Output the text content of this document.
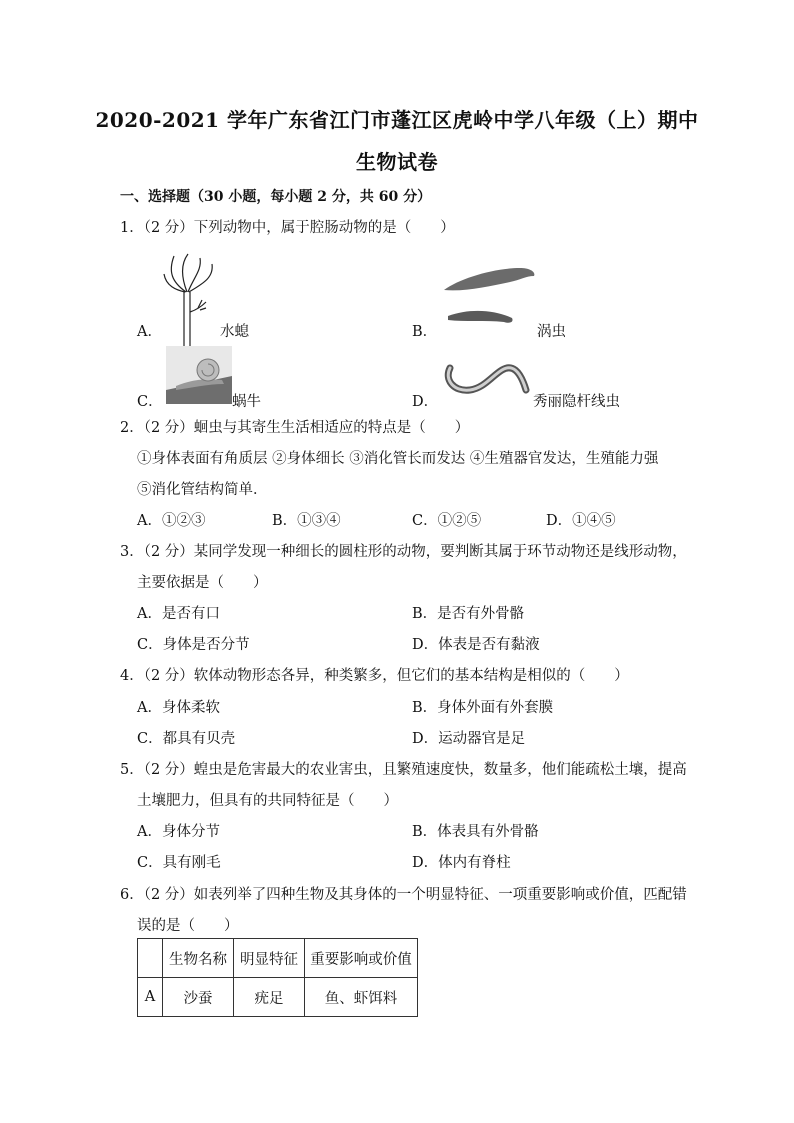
2020-2021 学年广东省江门市蓬江区虎岭中学八年级（上）期中
生物试卷
一、选择题（30 小题，每小题 2 分，共 60 分）
1．（2 分）下列动物中，属于腔肠动物的是（　　）
A．	水螅	B．	涡虫
C．	蜗牛	D．	秀丽隐杆线虫
2．（2 分）蛔虫与其寄生生活相适应的特点是（　　）
①身体表面有角质层 ②身体细长 ③消化管长而发达 ④生殖器官发达，生殖能力强
⑤消化管结构简单．
A．①②③	B．①③④	C．①②⑤	D．①④⑤
3．（2 分）某同学发现一种细长的圆柱形的动物，要判断其属于环节动物还是线形动物，
主要依据是（　　）
A．是否有口	B．是否有外骨骼
C．身体是否分节	D．体表是否有黏液
4．（2 分）软体动物形态各异，种类繁多，但它们的基本结构是相似的（　　）
A．身体柔软	B．身体外面有外套膜
C．都具有贝壳	D．运动器官是足
5．（2 分）蝗虫是危害最大的农业害虫，且繁殖速度快，数量多，他们能疏松土壤，提高
土壤肥力，但具有的共同特征是（　　）
A．身体分节	B．体表具有外骨骼
C．具有刚毛	D．体内有脊柱
6．（2 分）如表列举了四种生物及其身体的一个明显特征、一项重要影响或价值，匹配错
误的是（　　）
	生物名称	明显特征	重要影响或价值
A	沙蚕	疣足	鱼、虾饵料
